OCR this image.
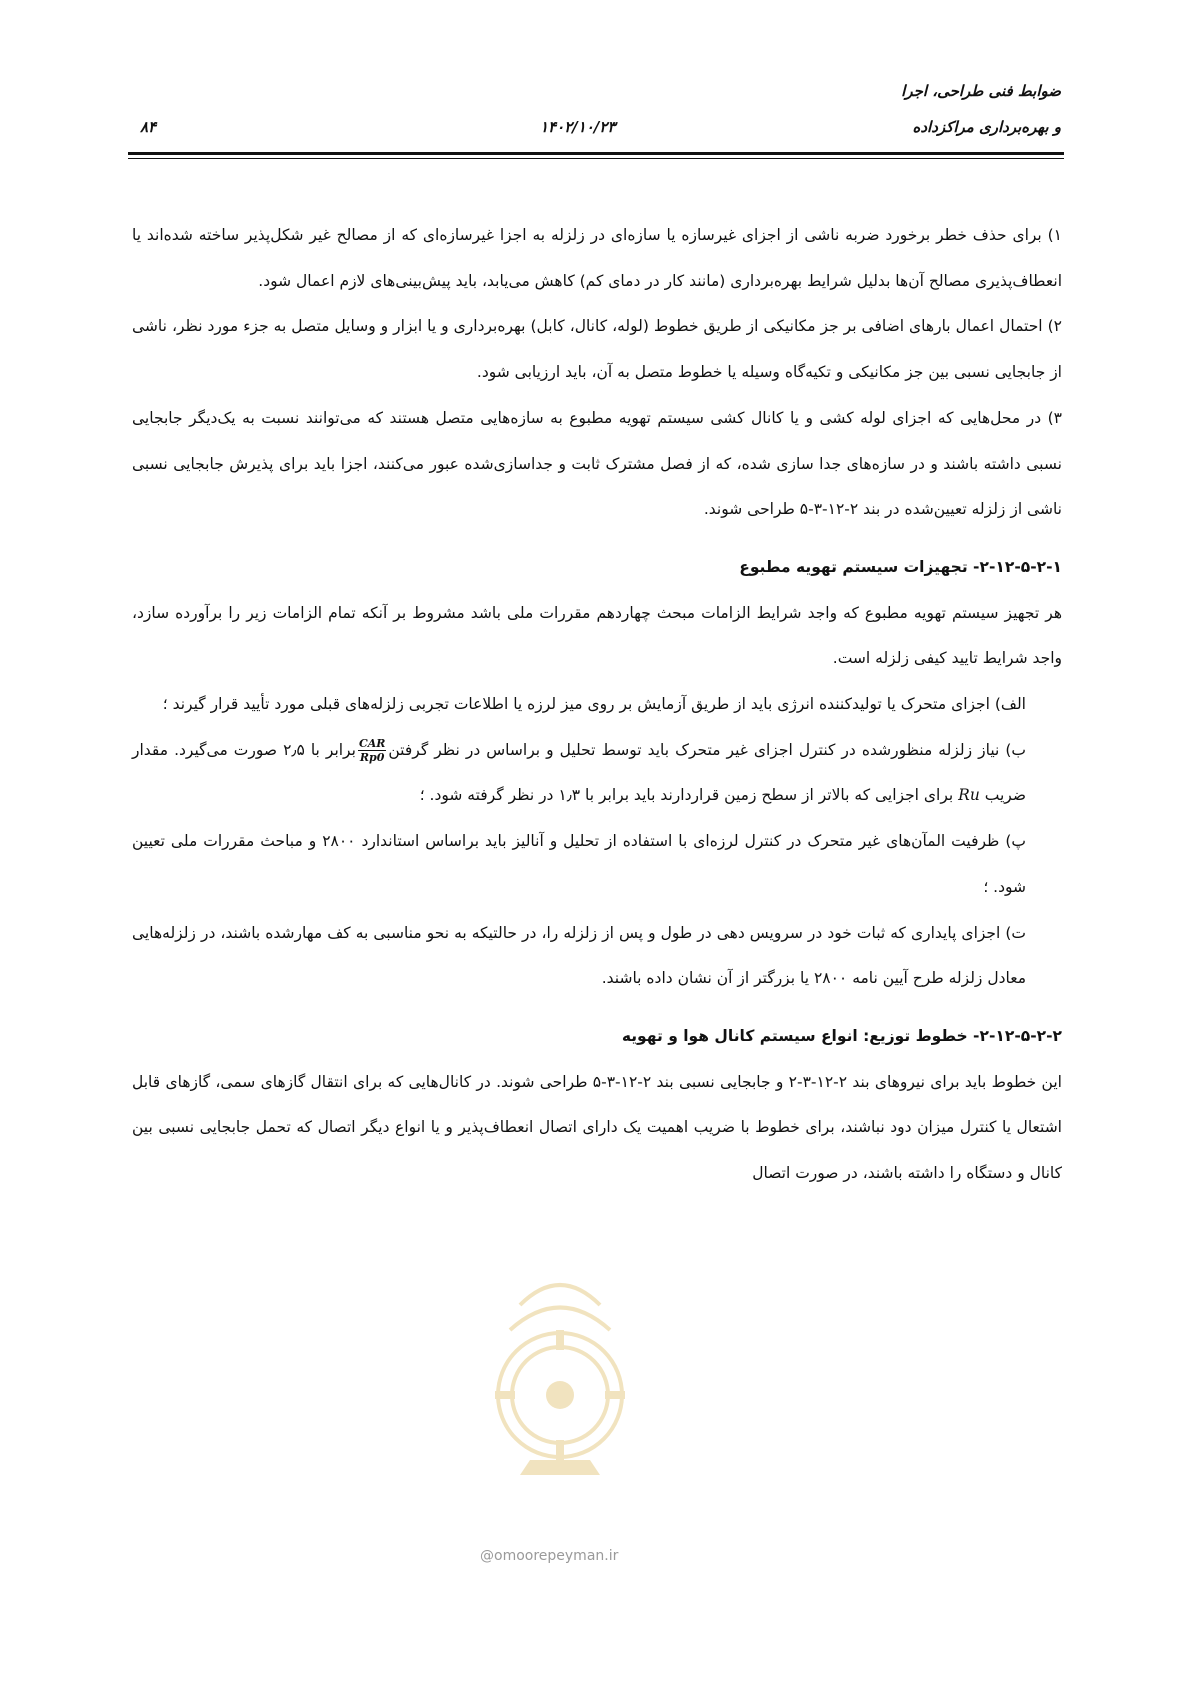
ضوابط فنی طراحی، اجرا
و بهره‌برداری مراکزداده
۱۴۰۲/۱۰/۲۳
۸۴

۱) برای حذف خطر برخورد ضربه ناشی از اجزای غیرسازه یا سازه‌ای در زلزله به اجزا غیرسازه‌ای که از مصالح غیر شکل‌پذیر ساخته شده‌اند یا انعطاف‌پذیری مصالح آن‌ها بدلیل شرایط بهره‌برداری (مانند کار در دمای کم) کاهش می‌یابد، باید پیش‌بینی‌های لازم اعمال شود.

۲) احتمال اعمال بارهای اضافی بر جز مکانیکی از طریق خطوط (لوله، کانال، کابل) بهره‌برداری و یا ابزار و وسایل متصل به جزء مورد نظر، ناشی از جابجایی نسبی بین جز مکانیکی و تکیه‌گاه وسیله یا خطوط متصل به آن، باید ارزیابی شود.

۳) در محل‌هایی که اجزای لوله کشی و یا کانال کشی سیستم تهویه مطبوع به سازه‌هایی متصل هستند که می‌توانند نسبت به یک‌دیگر جابجایی نسبی داشته باشند و در سازه‌های جدا سازی شده، که از فصل مشترک ثابت و جداسازی‌شده عبور می‌کنند، اجزا باید برای پذیرش جابجایی نسبی ناشی از زلزله تعیین‌شده در بند ۲-۱۲-۳-۵ طراحی شوند.

۲-۱۲-۵-۲-۱- تجهیزات سیستم تهویه مطبوع

هر تجهیز سیستم تهویه مطبوع که واجد شرایط الزامات مبحث چهاردهم مقررات ملی باشد مشروط بر آنکه تمام الزامات زیر را برآورده سازد، واجد شرایط تایید کیفی زلزله است.

الف) اجزای متحرک یا تولیدکننده انرژی باید از طریق آزمایش بر روی میز لرزه یا اطلاعات تجربی زلزله‌های قبلی مورد تأیید قرار گیرند ؛

ب) نیاز زلزله منظورشده در کنترل اجزای غیر متحرک باید توسط تحلیل و براساس در نظر گرفتن
$\frac{\text{CAR}}{Rp0}$
برابر با ۲٫۵ صورت می‌گیرد. مقدار ضریب Ru برای اجزایی که بالاتر از سطح زمین قراردارند باید برابر با ۱٫۳ در نظر گرفته شود. ؛

پ) ظرفیت المآن‌های غیر متحرک در کنترل لرزه‌ای با استفاده از تحلیل و آنالیز باید براساس استاندارد ۲۸۰۰ و مباحث مقررات ملی تعیین شود. ؛

ت) اجزای پایداری که ثبات خود در سرویس دهی در طول و پس از زلزله را، در حالتیکه به نحو مناسبی به کف مهارشده باشند، در زلزله‌هایی معادل زلزله طرح آیین نامه ۲۸۰۰ یا بزرگتر از آن نشان داده باشند.

۲-۱۲-۵-۲-۲- خطوط توزیع: انواع سیستم کانال هوا و تهویه

این خطوط باید برای نیروهای بند ۲-۱۲-۳-۲ و جابجایی نسبی بند ۲-۱۲-۳-۵ طراحی شوند. در کانال‌هایی که برای انتقال گازهای سمی، گازهای قابل اشتعال یا کنترل میزان دود نباشند، برای خطوط با ضریب اهمیت یک دارای اتصال انعطاف‌پذیر و یا انواع دیگر اتصال که تحمل جابجایی نسبی بین کانال و دستگاه را داشته باشند، در صورت اتصال

@omoorepeyman.ir
